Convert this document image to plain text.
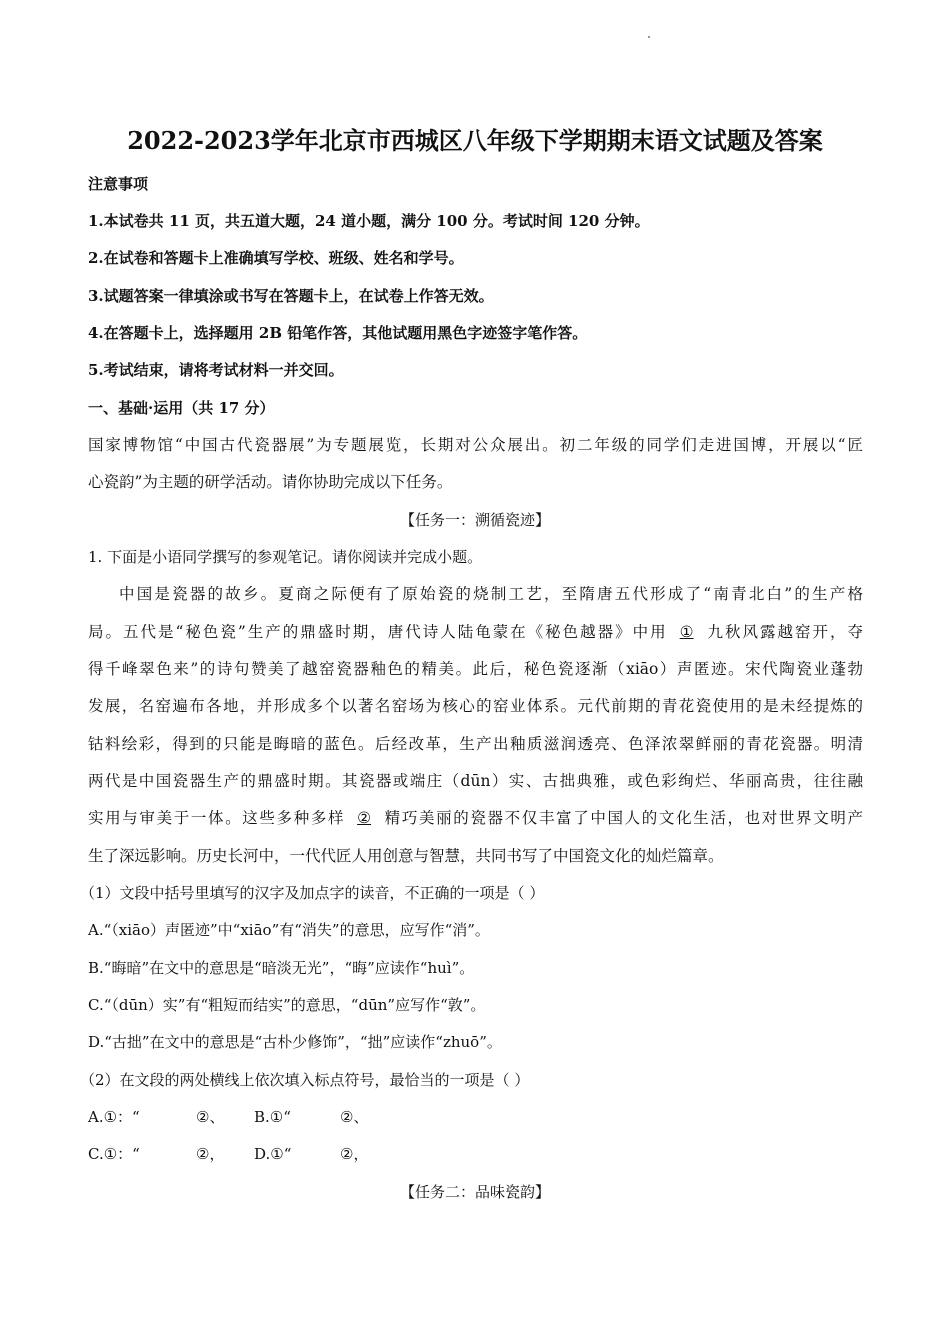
2022-2023学年北京市西城区八年级下学期期末语文试题及答案
注意事项
1.本试卷共 11 页，共五道大题，24 道小题，满分 100 分。考试时间 120 分钟。
2.在试卷和答题卡上准确填写学校、班级、姓名和学号。
3.试题答案一律填涂或书写在答题卡上，在试卷上作答无效。
4.在答题卡上，选择题用 2B 铅笔作答，其他试题用黑色字迹签字笔作答。
5.考试结束，请将考试材料一并交回。
一、基础·运用（共 17 分）
国家博物馆“中国古代瓷器展”为专题展览，长期对公众展出。初二年级的同学们走进国博，开展以“匠
心瓷韵”为主题的研学活动。请你协助完成以下任务。
【任务一：溯循瓷迹】
1. 下面是小语同学撰写的参观笔记。请你阅读并完成小题。
中国是瓷器的故乡。夏商之际便有了原始瓷的烧制工艺，至隋唐五代形成了“南青北白”的生产格
局。五代是“秘色瓷”生产的鼎盛时期，唐代诗人陆龟蒙在《秘色越器》中用 ① 九秋风露越窑开，夺
得千峰翠色来”的诗句赞美了越窑瓷器釉色的精美。此后，秘色瓷逐渐（xiāo）声匿迹。宋代陶瓷业蓬勃
发展，名窑遍布各地，并形成多个以著名窑场为核心的窑业体系。元代前期的青花瓷使用的是未经提炼的
钴料绘彩，得到的只能是晦暗的蓝色。后经改革，生产出釉质滋润透亮、色泽浓翠鲜丽的青花瓷器。明清
两代是中国瓷器生产的鼎盛时期。其瓷器或端庄（dūn）实、古拙典雅，或色彩绚烂、华丽高贵，往往融
实用与审美于一体。这些多种多样 ② 精巧美丽的瓷器不仅丰富了中国人的文化生活，也对世界文明产
生了深远影响。历史长河中，一代代匠人用创意与智慧，共同书写了中国瓷文化的灿烂篇章。
（1）文段中括号里填写的汉字及加点字的读音，不正确的一项是（ ）
A.“（xiāo）声匿迹”中“xiāo”有“消失”的意思，应写作“消”。
B.“晦暗”在文中的意思是“暗淡无光”，“晦”应读作“huì”。
C.“（dūn）实”有“粗短而结实”的意思，“dūn”应写作“敦”。
D.“古拙”在文中的意思是“古朴少修饰”，“拙”应读作“zhuō”。
（2）在文段的两处横线上依次填入标点符号，最恰当的一项是（ ）
A.①：“	②、 B.①“	②、
C.①：“	②， D.①“	②，
【任务二：品味瓷韵】
